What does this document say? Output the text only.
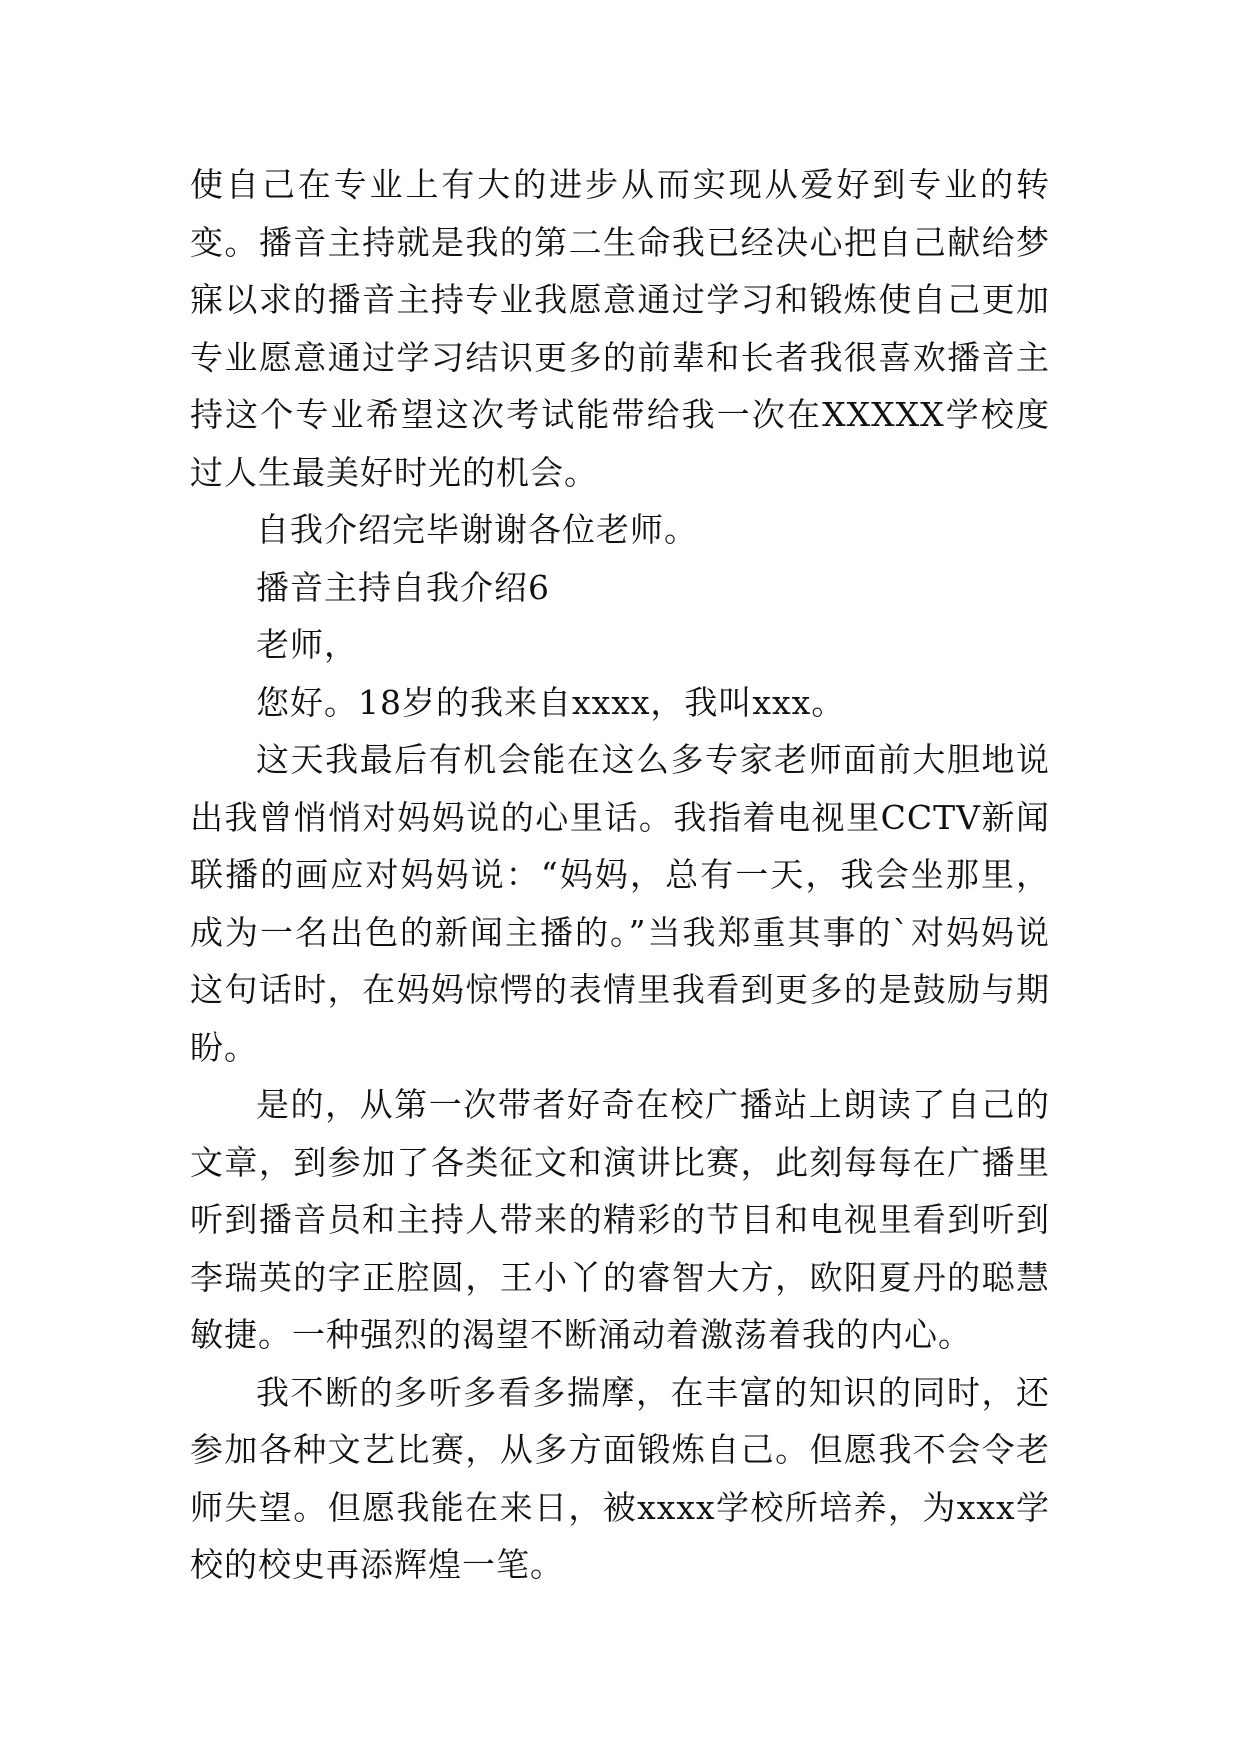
使自己在专业上有大的进步从而实现从爱好到专业的转变。播音主持就是我的第二生命我已经决心把自己献给梦寐以求的播音主持专业我愿意通过学习和锻炼使自己更加专业愿意通过学习结识更多的前辈和长者我很喜欢播音主持这个专业希望这次考试能带给我一次在XXXXX学校度过人生最美好时光的机会。

自我介绍完毕谢谢各位老师。

播音主持自我介绍6

老师，

您好。18岁的我来自xxxx，我叫xxx。

这天我最后有机会能在这么多专家老师面前大胆地说出我曾悄悄对妈妈说的心里话。我指着电视里CCTV新闻联播的画应对妈妈说：“妈妈，总有一天，我会坐那里，成为一名出色的新闻主播的。”当我郑重其事的`对妈妈说这句话时，在妈妈惊愕的表情里我看到更多的是鼓励与期盼。

是的，从第一次带者好奇在校广播站上朗读了自己的文章，到参加了各类征文和演讲比赛，此刻每每在广播里听到播音员和主持人带来的精彩的节目和电视里看到听到李瑞英的字正腔圆，王小丫的睿智大方，欧阳夏丹的聪慧敏捷。一种强烈的渴望不断涌动着激荡着我的内心。

我不断的多听多看多揣摩，在丰富的知识的同时，还参加各种文艺比赛，从多方面锻炼自己。但愿我不会令老师失望。但愿我能在来日，被xxxx学校所培养，为xxx学校的校史再添辉煌一笔。
